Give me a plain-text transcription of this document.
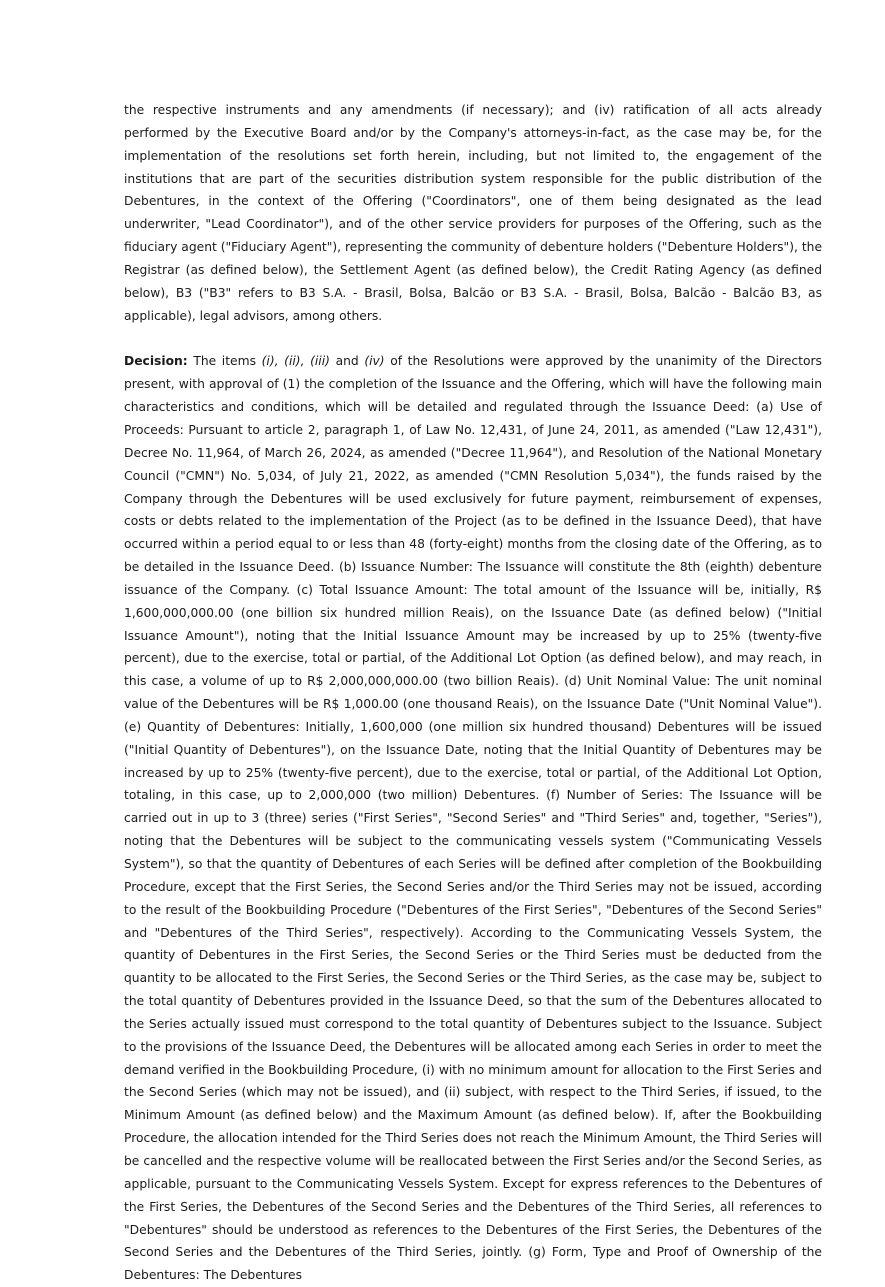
the respective instruments and any amendments (if necessary); and (iv) ratification of all acts already performed by the Executive Board and/or by the Company's attorneys-in-fact, as the case may be, for the implementation of the resolutions set forth herein, including, but not limited to, the engagement of the institutions that are part of the securities distribution system responsible for the public distribution of the Debentures, in the context of the Offering ("Coordinators", one of them being designated as the lead underwriter, "Lead Coordinator"), and of the other service providers for purposes of the Offering, such as the fiduciary agent ("Fiduciary Agent"), representing the community of debenture holders ("Debenture Holders"), the Registrar (as defined below), the Settlement Agent (as defined below), the Credit Rating Agency (as defined below), B3 ("B3" refers to B3 S.A. - Brasil, Bolsa, Balcão or B3 S.A. - Brasil, Bolsa, Balcão - Balcão B3, as applicable), legal advisors, among others.

Decision: The items (i), (ii), (iii) and (iv) of the Resolutions were approved by the unanimity of the Directors present, with approval of (1) the completion of the Issuance and the Offering, which will have the following main characteristics and conditions, which will be detailed and regulated through the Issuance Deed: (a) Use of Proceeds: Pursuant to article 2, paragraph 1, of Law No. 12,431, of June 24, 2011, as amended ("Law 12,431"), Decree No. 11,964, of March 26, 2024, as amended ("Decree 11,964"), and Resolution of the National Monetary Council ("CMN") No. 5,034, of July 21, 2022, as amended ("CMN Resolution 5,034"), the funds raised by the Company through the Debentures will be used exclusively for future payment, reimbursement of expenses, costs or debts related to the implementation of the Project (as to be defined in the Issuance Deed), that have occurred within a period equal to or less than 48 (forty-eight) months from the closing date of the Offering, as to be detailed in the Issuance Deed. (b) Issuance Number: The Issuance will constitute the 8th (eighth) debenture issuance of the Company. (c) Total Issuance Amount: The total amount of the Issuance will be, initially, R$ 1,600,000,000.00 (one billion six hundred million Reais), on the Issuance Date (as defined below) ("Initial Issuance Amount"), noting that the Initial Issuance Amount may be increased by up to 25% (twenty-five percent), due to the exercise, total or partial, of the Additional Lot Option (as defined below), and may reach, in this case, a volume of up to R$ 2,000,000,000.00 (two billion Reais). (d) Unit Nominal Value: The unit nominal value of the Debentures will be R$ 1,000.00 (one thousand Reais), on the Issuance Date ("Unit Nominal Value"). (e) Quantity of Debentures: Initially, 1,600,000 (one million six hundred thousand) Debentures will be issued ("Initial Quantity of Debentures"), on the Issuance Date, noting that the Initial Quantity of Debentures may be increased by up to 25% (twenty-five percent), due to the exercise, total or partial, of the Additional Lot Option, totaling, in this case, up to 2,000,000 (two million) Debentures. (f) Number of Series: The Issuance will be carried out in up to 3 (three) series ("First Series", "Second Series" and "Third Series" and, together, "Series"), noting that the Debentures will be subject to the communicating vessels system ("Communicating Vessels System"), so that the quantity of Debentures of each Series will be defined after completion of the Bookbuilding Procedure, except that the First Series, the Second Series and/or the Third Series may not be issued, according to the result of the Bookbuilding Procedure ("Debentures of the First Series", "Debentures of the Second Series" and "Debentures of the Third Series", respectively). According to the Communicating Vessels System, the quantity of Debentures in the First Series, the Second Series or the Third Series must be deducted from the quantity to be allocated to the First Series, the Second Series or the Third Series, as the case may be, subject to the total quantity of Debentures provided in the Issuance Deed, so that the sum of the Debentures allocated to the Series actually issued must correspond to the total quantity of Debentures subject to the Issuance. Subject to the provisions of the Issuance Deed, the Debentures will be allocated among each Series in order to meet the demand verified in the Bookbuilding Procedure, (i) with no minimum amount for allocation to the First Series and the Second Series (which may not be issued), and (ii) subject, with respect to the Third Series, if issued, to the Minimum Amount (as defined below) and the Maximum Amount (as defined below). If, after the Bookbuilding Procedure, the allocation intended for the Third Series does not reach the Minimum Amount, the Third Series will be cancelled and the respective volume will be reallocated between the First Series and/or the Second Series, as applicable, pursuant to the Communicating Vessels System. Except for express references to the Debentures of the First Series, the Debentures of the Second Series and the Debentures of the Third Series, all references to "Debentures" should be understood as references to the Debentures of the First Series, the Debentures of the Second Series and the Debentures of the Third Series, jointly. (g) Form, Type and Proof of Ownership of the Debentures: The Debentures
